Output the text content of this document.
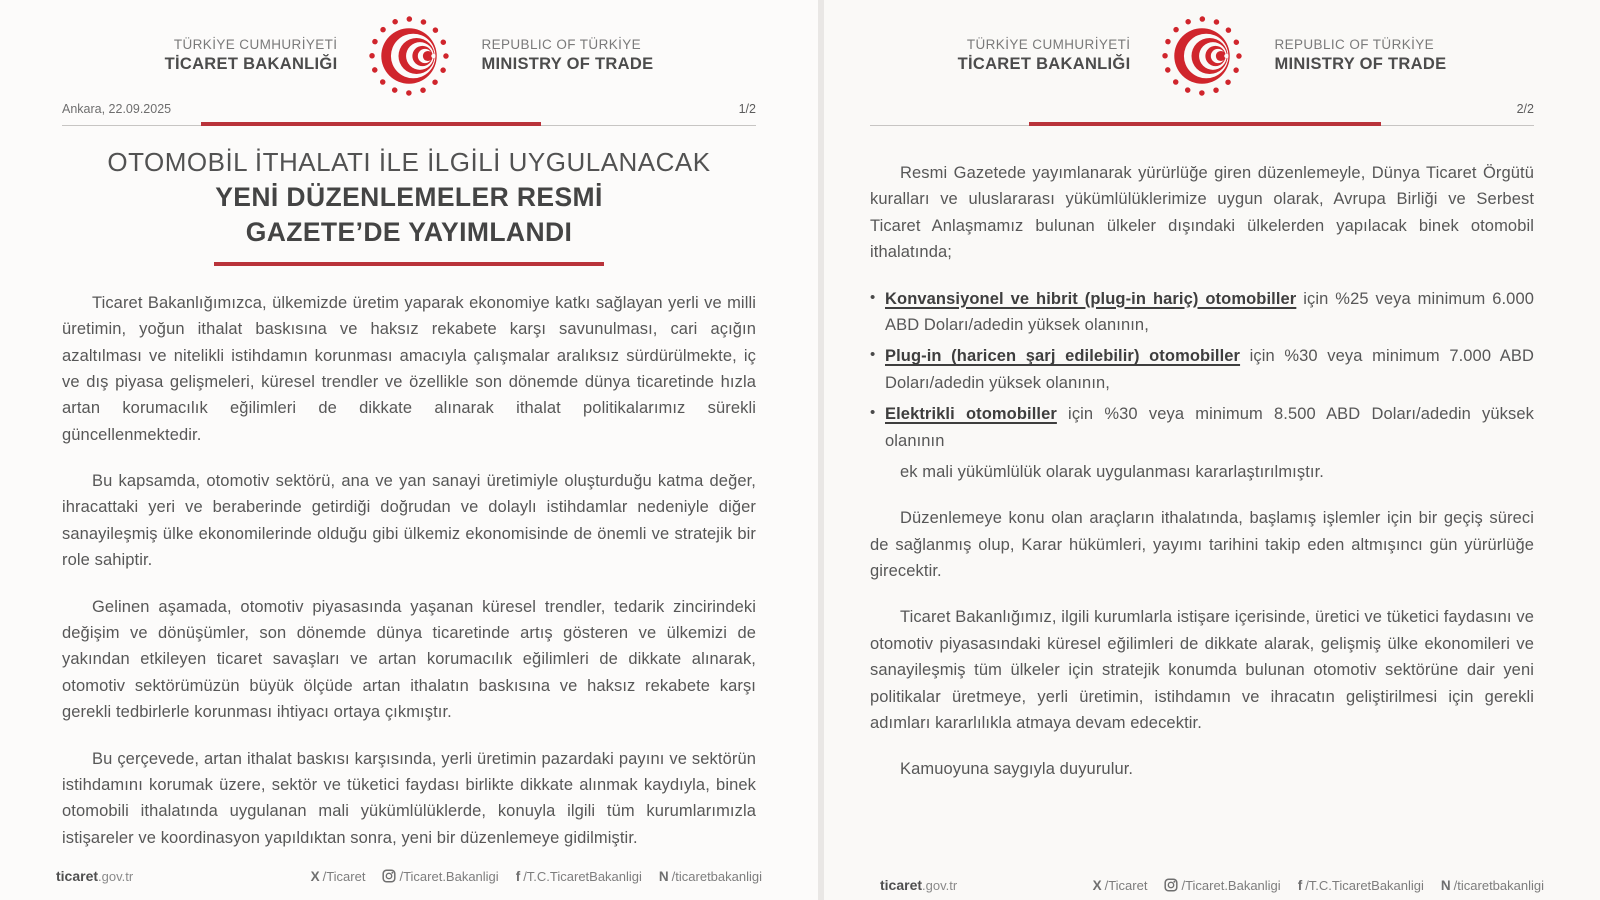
TÜRKİYE CUMHURİYETİ
TİCARET BAKANLIĞI
REPUBLIC OF TÜRKİYE
MINISTRY OF TRADE
Ankara, 22.09.2025	1/2
OTOMOBİL İTHALATI İLE İLGİLİ UYGULANACAK
YENİ DÜZENLEMELER RESMİ
GAZETE’DE YAYIMLANDI

Ticaret Bakanlığımızca, ülkemizde üretim yaparak ekonomiye katkı sağlayan yerli ve milli üretimin, yoğun ithalat baskısına ve haksız rekabete karşı savunulması, cari açığın azaltılması ve nitelikli istihdamın korunması amacıyla çalışmalar aralıksız sürdürülmekte, iç ve dış piyasa gelişmeleri, küresel trendler ve özellikle son dönemde dünya ticaretinde hızla artan korumacılık eğilimleri de dikkate alınarak ithalat politikalarımız sürekli güncellenmektedir.

Bu kapsamda, otomotiv sektörü, ana ve yan sanayi üretimiyle oluşturduğu katma değer, ihracattaki yeri ve beraberinde getirdiği doğrudan ve dolaylı istihdamlar nedeniyle diğer sanayileşmiş ülke ekonomilerinde olduğu gibi ülkemiz ekonomisinde de önemli ve stratejik bir role sahiptir.

Gelinen aşamada, otomotiv piyasasında yaşanan küresel trendler, tedarik zincirindeki değişim ve dönüşümler, son dönemde dünya ticaretinde artış gösteren ve ülkemizi de yakından etkileyen ticaret savaşları ve artan korumacılık eğilimleri de dikkate alınarak, otomotiv sektörümüzün büyük ölçüde artan ithalatın baskısına ve haksız rekabete karşı gerekli tedbirlerle korunması ihtiyacı ortaya çıkmıştır.

Bu çerçevede, artan ithalat baskısı karşısında, yerli üretimin pazardaki payını ve sektörün istihdamını korumak üzere, sektör ve tüketici faydası birlikte dikkate alınmak kaydıyla, binek otomobili ithalatında uygulanan mali yükümlülüklerde, konuyla ilgili tüm kurumlarımızla istişareler ve koordinasyon yapıldıktan sonra, yeni bir düzenlemeye gidilmiştir.

ticaret.gov.tr	X /Ticaret	/Ticaret.Bakanligi f /T.C.TicaretBakanligi N /ticaretbakanligi
TÜRKİYE CUMHURİYETİ
TİCARET BAKANLIĞI
REPUBLIC OF TÜRKİYE
MINISTRY OF TRADE
2/2

Resmi Gazetede yayımlanarak yürürlüğe giren düzenlemeyle, Dünya Ticaret Örgütü kuralları ve uluslararası yükümlülüklerimize uygun olarak, Avrupa Birliği ve Serbest Ticaret Anlaşmamız bulunan ülkeler dışındaki ülkelerden yapılacak binek otomobil ithalatında;

• Konvansiyonel ve hibrit (plug-in hariç) otomobiller için %25 veya minimum 6.000 ABD Doları/adedin yüksek olanının,
• Plug-in (haricen şarj edilebilir) otomobiller için %30 veya minimum 7.000 ABD Doları/adedin yüksek olanının,
• Elektrikli otomobiller için %30 veya minimum 8.500 ABD Doları/adedin yüksek olanının

ek mali yükümlülük olarak uygulanması kararlaştırılmıştır.

Düzenlemeye konu olan araçların ithalatında, başlamış işlemler için bir geçiş süreci de sağlanmış olup, Karar hükümleri, yayımı tarihini takip eden altmışıncı gün yürürlüğe girecektir.

Ticaret Bakanlığımız, ilgili kurumlarla istişare içerisinde, üretici ve tüketici faydasını ve otomotiv piyasasındaki küresel eğilimleri de dikkate alarak, gelişmiş ülke ekonomileri ve sanayileşmiş tüm ülkeler için stratejik konumda bulunan otomotiv sektörüne dair yeni politikalar üretmeye, yerli üretimin, istihdamın ve ihracatın geliştirilmesi için gerekli adımları kararlılıkla atmaya devam edecektir.

Kamuoyuna saygıyla duyurulur.

ticaret.gov.tr	X /Ticaret	/Ticaret.Bakanligi f /T.C.TicaretBakanligi N /ticaretbakanligi
